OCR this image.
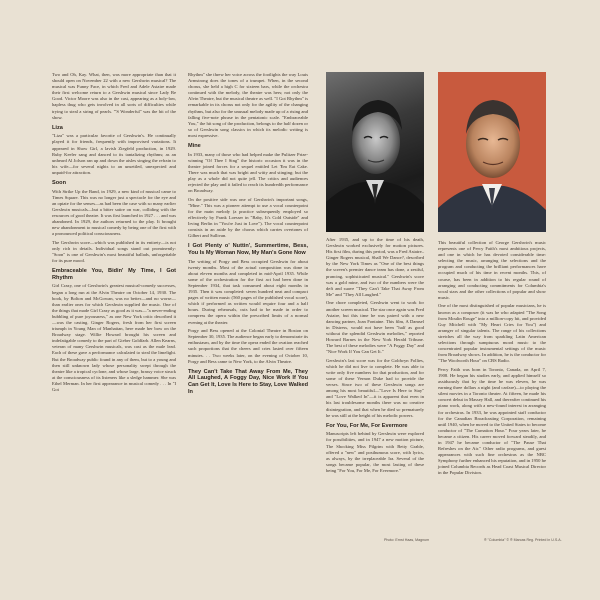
Two and Oh, Kay. What, then, was more appropriate than that it should open on November 22 with a new Gershwin musical? The musical was Funny Face, in which Fred and Adele Astaire made their first welcome return to a Gershwin musical since Lady Be Good. Victor Moore was also in the cast, appearing as a holy-law, hapless thug who gets involved in all sorts of difficulties while trying to steal a string of pearls. "'S Wonderful" was the hit of the show.

Liza

"Liza" was a particular favorite of Gershwin's. He continually played it for friends, frequently with improvised variations. It appeared in Show Girl, a lavish Ziegfeld production, in 1929. Ruby Keeler sang and danced to its tantalizing rhythms; as an unheard Al Jolson ran up and down the aisles singing the refrain to his wife—for several nights to an unsettled, unexpected and unpaid-for attraction.

Soon

With Strike Up the Band, in 1929, a new kind of musical came to Times Square. This was no longer just a spectacle for the eye and an opiate for the senses—as had been the case with so many earlier Gershwin musicals—but a bitter satire on war, colliding with the resources of good theatre. It was first launched in 1927 . . . and was abandoned. In 1929, the authors returned to the play. It brought new abandonment to musical comedy by being one of the first with a pronounced political consciousness.

The Gershwin score—which was published in its entirety—is not only rich in details. Individual songs stand out prominently: "Soon" is one of Gershwin's most beautiful ballads, unforgettable for its pure mood.

Embraceable You, Bidin' My Time, I Got Rhythm

Girl Crazy, one of Gershwin's greatest musical-comedy successes, began a long run at the Alvin Theatre on October 14, 1930. The book, by Bolton and McGowan, was no better—and no worse—than earlier ones for which Gershwin supplied the music. One of the things that made Girl Crazy as good as it was—"a never-ending bubbling of pure joyousness," as one New York critic described it—was the casting. Ginger Rogers, fresh from her first screen triumph in Young Man of Manhattan, here made her bow on the Broadway stage. Willie Howard brought his screen and indefatigable comedy to the part of Gieber Goldfarb. Allen Kearns, veteran of many Gershwin musicals, was cast as the male lead. Each of these gave a performance calculated to steal the limelight. But the Broadway public found in any of them, but to a young and then still unknown lady whose personality swept through the theatre like a tropical cyclone, and whose large, brassy voice struck at the consciousness of its listeners like a sledge hammer. She was Ethel Merman. In her first appearance in musical comedy . . . In "I Got

Rhythm" she threw her voice across the footlights the way Louis Armstrong does the tones of a trumpet. When, in the second chorus, she held a high C for sixteen bars, while the orchestra continued with the melody, the theatre was hers; not only the Alvin Theatre, but the musical theatre as well. "I Got Rhythm" is remarkable in its chorus not only for the agility of the changing rhythms, but also for the unusual melody made up of a rising and falling five-note phrase in the pentatonic scale. "Embraceable You," the hit song of the production, belongs to the half dozen or so of Gershwin song classics in which its melodic writing is most expressive.

Mine

In 1933, many of those who had helped make the Pulitzer Prize-winning "Of Thee I Sing" the historic occasion it was in the theatre joined forces for a sequel entitled Let 'Em Eat Cake. There was much that was bright and witty and stinging; but the play as a whole did not quite jell. The critics and audiences rejected the play and it failed to reach its hundredth performance on Broadway.

On the positive side was one of Gershwin's important songs, "Mine." This was a pioneer attempt to use a vocal counterpoint for the main melody (a practice subsequently employed so effectively by Frank Loesser in "Baby, It's Cold Outside" and Irving Berlin in "You're Just in Love"). The vocal counterpoint consists in an aside by the chorus which carries overtones of Gilbert and Sullivan.

I Got Plenty o' Nuttin', Summertime, Bess, You Is My Woman Now, My Man's Gone Now

The writing of Porgy and Bess occupied Gershwin for about twenty months. Most of the actual composition was done in about eleven months and completed in mid-April 1935. While some of the orchestration for the first act had been done in September 1934, that task consumed about eight months in 1935. Then it was completed: seven hundred neat and compact pages of written music (560 pages of the published vocal score), which if performed as written would require four and a half hours. During rehearsals, cuts had to be made in order to compress the opera within the prescribed limits of a normal evening at the theater.

Porgy and Bess opened at the Colonial Theatre in Boston on September 30, 1935. The audience began early to demonstrate its enthusiasm, and by the time the opera ended the ovation reached such proportions that the cheers and cries lasted over fifteen minutes. . . Two weeks later, on the evening of October 10, Porgy and Bess came to New York, to the Alvin Theatre.

They Can't Take That Away From Me, They All Laughed, A Foggy Day, Nice Work If You Can Get It, Love Is Here to Stay, Love Walked In

After 1935, and up to the time of his death, Gershwin worked exclusively for motion pictures. His first film, during this period, was a Fred Astaire–Ginger Rogers musical, Shall We Dance?, described by the New York Times as "One of the best things the screen's premier dance team has done, a zestful, prancing, sophisticated musical." Gershwin's score was a gold mine, and two of the numbers were the deft and suave "They Can't Take That Away From Me" and "They All Laughed."

One chore completed, Gershwin went to work for another screen musical. The star once again was Fred Astaire, but this time he was paired with a new dancing partner, Joan Fontaine. This film, A Damsel in Distress, would not have been "half as good without the splendid Gershwin melodies," reported Howard Barnes in the New York Herald Tribune. The best of these melodies were "A Foggy Day" and "Nice Work If You Can Get It."

Gershwin's last score was for the Goldwyn Follies, which he did not live to complete. He was able to write only five numbers for that production, and for some of these Vernon Duke had to provide the verses. Since two of these Gershwin songs are among his most beautiful—"Love Is Here to Stay" and "Love Walked In"—it is apparent that even in his last troublesome months there was no creative disintegration, and that when he died so prematurely he was still at the height of his melodic powers.

For You, For Me, For Evermore

Manuscripts left behind by Gershwin were explored for possibilities, and in 1947 a new motion picture, The Shocking Miss Pilgrim with Betty Grable, offered a "new" and posthumous score, with lyrics, as always, by the irreplaceable Ira. Several of the songs became popular, the most lasting of these being "For You, For Me, For Evermore."

This beautiful collection of George Gershwin's music represents one of Percy Faith's most ambitious projects, and one in which he has devoted considerable time: selecting the music, arranging the selections and the program and conducting the brilliant performances have occupied much of his time in recent months. This, of course, has been in addition to his regular round of arranging and conducting commitments for Columbia's vocal stars and the other collections of popular and show music.

One of the most distinguished of popular musicians, he is known as a composer (it was he who adapted "The Song from Moulin Rouge" into a million-copy hit, and provided Guy Mitchell with "My Heart Cries for You") and arranger of singular talents. The range of his collections stretches all the way from sparkling Latin American selections through sumptuous mood music to the concentrated popular instrumental settings of the music from Broadway shows. In addition, he is the conductor for "The Woolworth Hour" on CBS Radio.

Percy Faith was born in Toronto, Canada, on April 7, 1908. He began his studies early, and applied himself so assiduously that by the time he was eleven, he was earning three dollars a night (and carfare)—to playing the silent movies in a Toronto theater. At fifteen, he made his concert debut in Massey Hall, and thereafter continued his piano work, along with a new-found interest in arranging for orchestras. In 1933, he was appointed staff conductor for the Canadian Broadcasting Corporation, remaining until 1940, when he moved to the United States to become conductor of "The Carnation Hour." Four years later, he became a citizen. His career moved forward steadily, and in 1947 he became conductor of "The Pause That Refreshes on the Air." Other radio programs, and guest appearances with such fine orchestras as the NBC Symphony further enhanced his reputation, and in 1950 he joined Columbia Records as Head Coast Musical Director in the Popular Division.

Photo: Ernst Haas, Magnum	® "Columbia" © ® Marcas Reg. Printed in U.S.A.
